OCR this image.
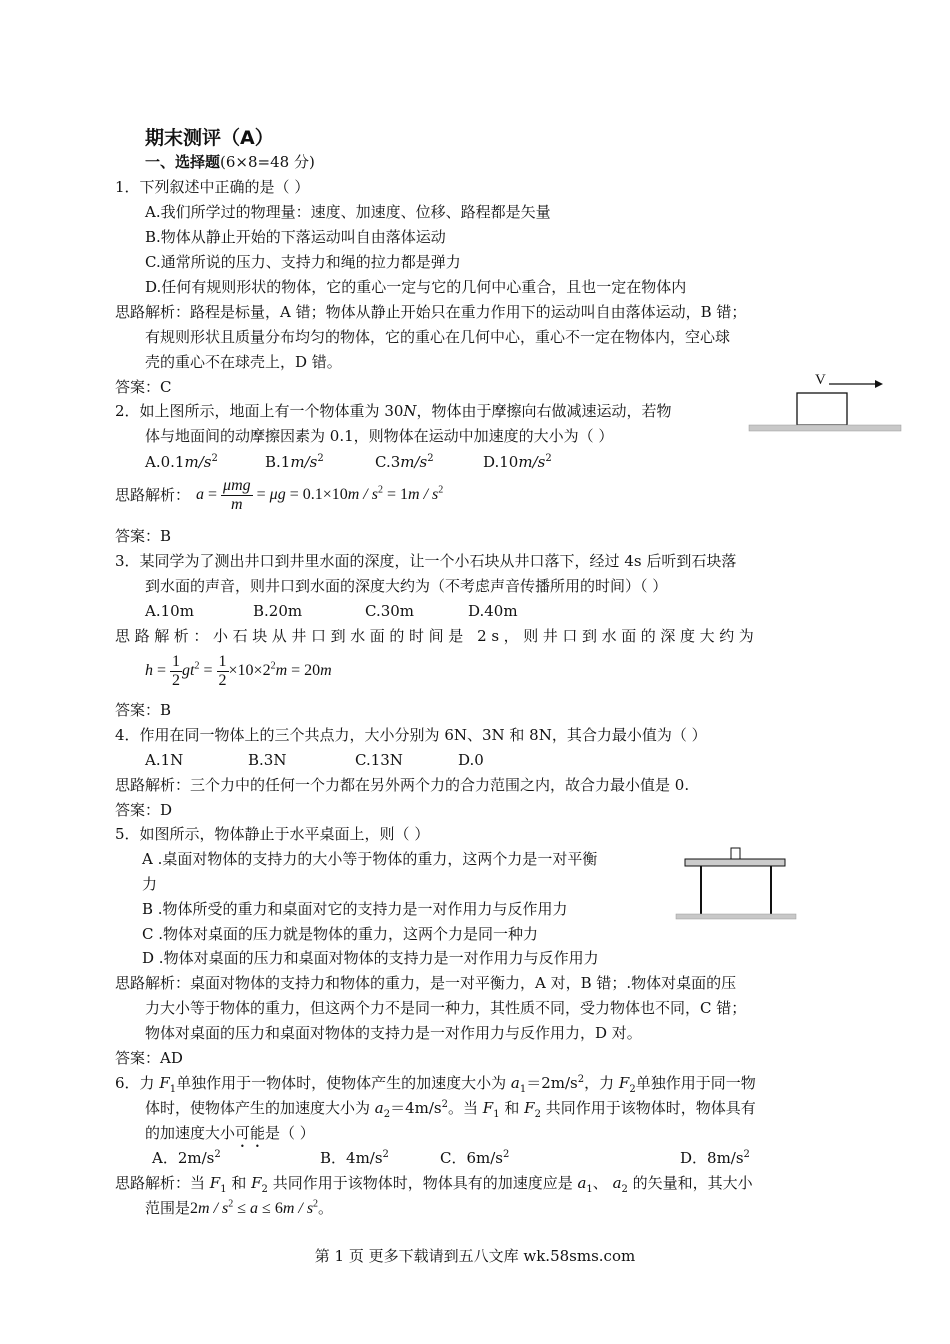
期末测评（A）
一、选择题(6×8=48 分)
1．下列叙述中正确的是（ ）
A.我们所学过的物理量：速度、加速度、位移、路程都是矢量
B.物体从静止开始的下落运动叫自由落体运动
C.通常所说的压力、支持力和绳的拉力都是弹力
D.任何有规则形状的物体，它的重心一定与它的几何中心重合，且也一定在物体内
思路解析：路程是标量，A 错；物体从静止开始只在重力作用下的运动叫自由落体运动，B 错；
有规则形状且质量分布均匀的物体，它的重心在几何中心，重心不一定在物体内，空心球
壳的重心不在球壳上，D 错。
答案：C	V
2．如上图所示，地面上有一个物体重为 30N，物体由于摩擦向右做减速运动，若物
体与地面间的动摩擦因素为 0.1，则物体在运动中加速度的大小为（ ）
$A.0.1m/s^2$	$B.1m/s^2$	$C.3m/s^2$	$D.10m/s^2$
思路解析： $a = \frac{\text{μmg}}{m} = \mu g = 0.1\times 10m / s^2 = 1m / s^2$
答案：B
3．某同学为了测出井口到井里水面的深度，让一个小石块从井口落下，经过 4s 后听到石块落
到水面的声音，则井口到水面的深度大约为（不考虑声音传播所用的时间）（ ）
A.10m	B.20m	C.30m	D.40m
思路解析：小石块从井口到水面的时间是 2s，则井口到水面的深度大约为
$h = \frac{1}{2} gt^2 = \frac{1}{2} \times 10\times 2^2m = 20m$
答案：B
4．作用在同一物体上的三个共点力，大小分别为 6N、3N 和 8N，其合力最小值为（ ）
A.1N	B.3N	C.13N	D.0
思路解析：三个力中的任何一个力都在另外两个力的合力范围之内，故合力最小值是 0.
答案：D
5．如图所示，物体静止于水平桌面上，则（ ）
A .桌面对物体的支持力的大小等于物体的重力，这两个力是一对平衡
力
B .物体所受的重力和桌面对它的支持力是一对作用力与反作用力
C .物体对桌面的压力就是物体的重力，这两个力是同一种力
D .物体对桌面的压力和桌面对物体的支持力是一对作用力与反作用力
思路解析：桌面对物体的支持力和物体的重力，是一对平衡力，A 对，B 错；.物体对桌面的压
力大小等于物体的重力，但这两个力不是同一种力，其性质不同，受力物体也不同，C 错；
物体对桌面的压力和桌面对物体的支持力是一对作用力与反作用力，D 对。
答案：AD
6．力 $F_1$单独作用于一物体时，使物体产生的加速度大小为 $a_1=2m/s^2$，力 $F_2$单独作用于同一物
体时，使物体产生的加速度大小为 $a_2=4m/s^2$。当 $F_1$ 和 $F_2$ 共同作用于该物体时，物体具有
的加速度大小可能是（ ）
A．$2m/s^2$	B．$4m/s^2$	C．$6m/s^2$	D．$8m/s^2$
思路解析：当 $F_1$ 和 $F_2$ 共同作用于该物体时，物体具有的加速度应是 $a_1$、 $a_2$ 的矢量和，其大小
范围是$2m / s^2 \le a \le 6m / s^2$。
第 1 页 更多下载请到五八文库 wk.58sms.com
